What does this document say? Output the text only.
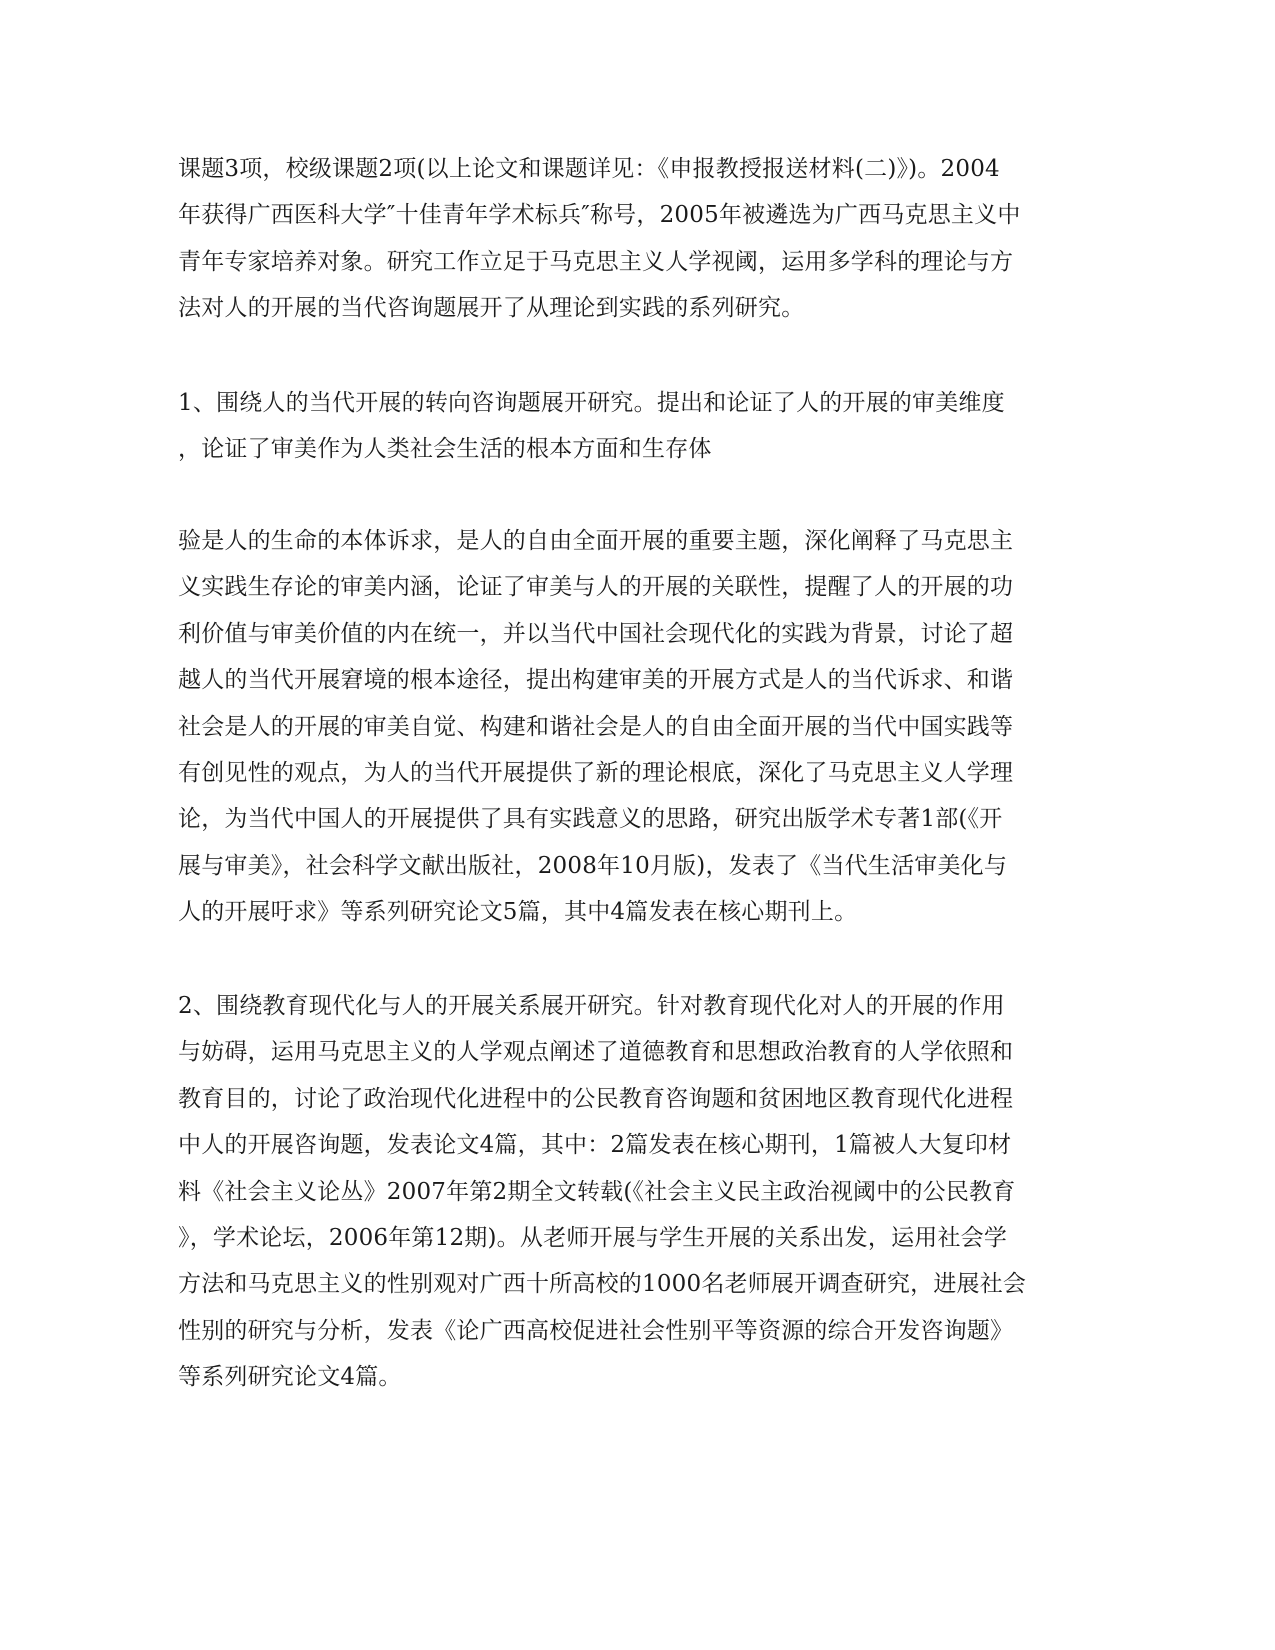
课题3项，校级课题2项(以上论文和课题详见：《申报教授报送材料(二)》)。2004
年获得广西医科大学″十佳青年学术标兵″称号，2005年被遴选为广西马克思主义中
青年专家培养对象。研究工作立足于马克思主义人学视阈，运用多学科的理论与方
法对人的开展的当代咨询题展开了从理论到实践的系列研究。
1、围绕人的当代开展的转向咨询题展开研究。提出和论证了人的开展的审美维度
，论证了审美作为人类社会生活的根本方面和生存体
验是人的生命的本体诉求，是人的自由全面开展的重要主题，深化阐释了马克思主
义实践生存论的审美内涵，论证了审美与人的开展的关联性，提醒了人的开展的功
利价值与审美价值的内在统一，并以当代中国社会现代化的实践为背景，讨论了超
越人的当代开展窘境的根本途径，提出构建审美的开展方式是人的当代诉求、和谐
社会是人的开展的审美自觉、构建和谐社会是人的自由全面开展的当代中国实践等
有创见性的观点，为人的当代开展提供了新的理论根底，深化了马克思主义人学理
论，为当代中国人的开展提供了具有实践意义的思路，研究出版学术专著1部(《开
展与审美》，社会科学文献出版社，2008年10月版)，发表了《当代生活审美化与
人的开展吁求》等系列研究论文5篇，其中4篇发表在核心期刊上。
2、围绕教育现代化与人的开展关系展开研究。针对教育现代化对人的开展的作用
与妨碍，运用马克思主义的人学观点阐述了道德教育和思想政治教育的人学依照和
教育目的，讨论了政治现代化进程中的公民教育咨询题和贫困地区教育现代化进程
中人的开展咨询题，发表论文4篇，其中：2篇发表在核心期刊，1篇被人大复印材
料《社会主义论丛》2007年第2期全文转载(《社会主义民主政治视阈中的公民教育
》，学术论坛，2006年第12期)。从老师开展与学生开展的关系出发，运用社会学
方法和马克思主义的性别观对广西十所高校的1000名老师展开调查研究，进展社会
性别的研究与分析，发表《论广西高校促进社会性别平等资源的综合开发咨询题》
等系列研究论文4篇。
